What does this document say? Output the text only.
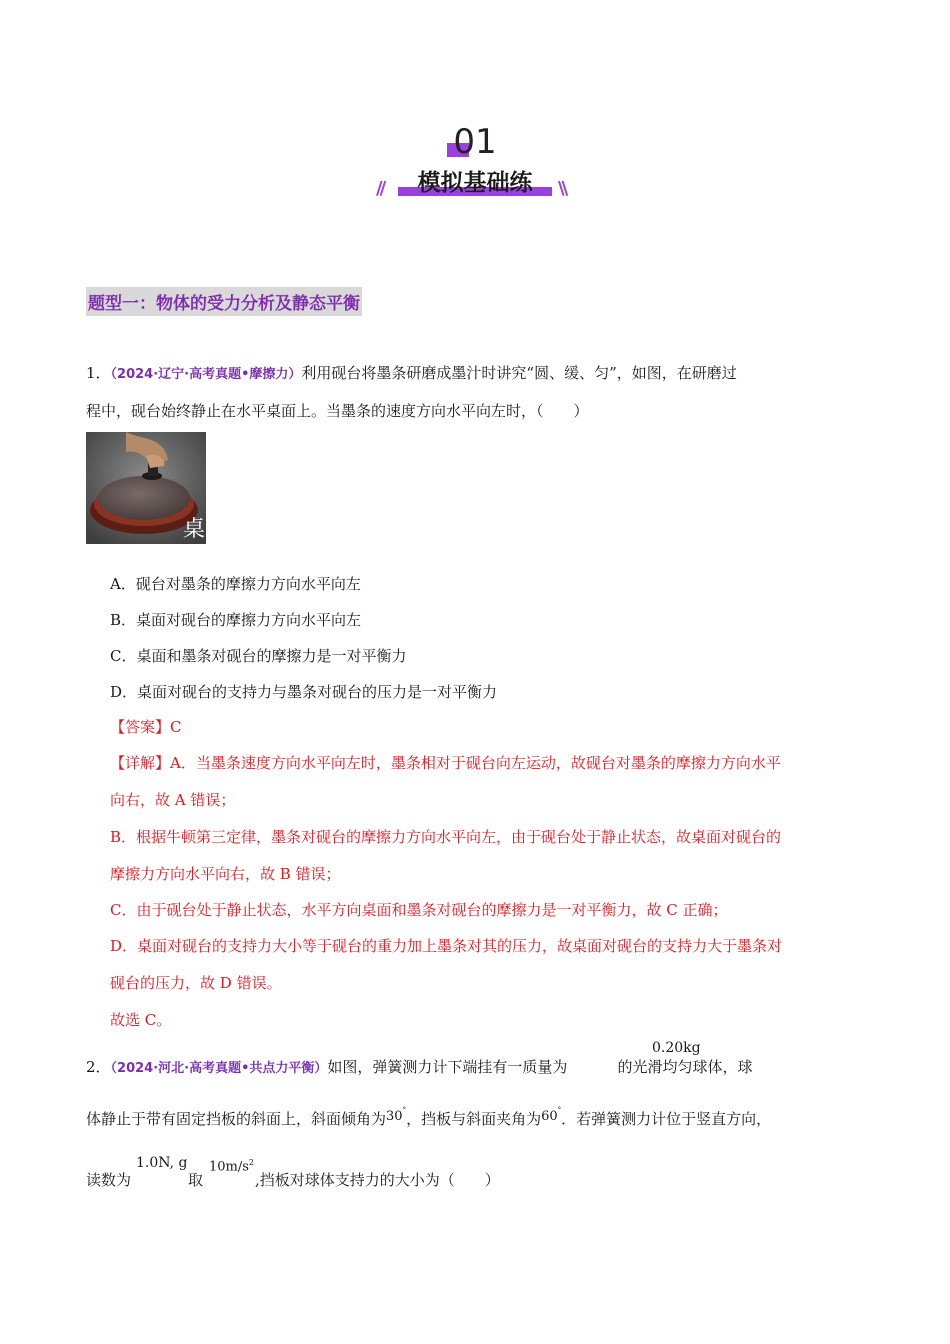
01
//	\\
模拟基础练
题型一：物体的受力分析及静态平衡
1．（2024·辽宁·高考真题•摩擦力）利用砚台将墨条研磨成墨汁时讲究“圆、缓、匀”，如图，在研磨过
程中，砚台始终静止在水平桌面上。当墨条的速度方向水平向左时，（　　）
桌
A．砚台对墨条的摩擦力方向水平向左
B．桌面对砚台的摩擦力方向水平向左
C．桌面和墨条对砚台的摩擦力是一对平衡力
D．桌面对砚台的支持力与墨条对砚台的压力是一对平衡力
【答案】C
【详解】A．当墨条速度方向水平向左时，墨条相对于砚台向左运动，故砚台对墨条的摩擦力方向水平
向右，故 A 错误；
B．根据牛顿第三定律，墨条对砚台的摩擦力方向水平向左，由于砚台处于静止状态，故桌面对砚台的
摩擦力方向水平向右，故 B 错误；
C．由于砚台处于静止状态，水平方向桌面和墨条对砚台的摩擦力是一对平衡力，故 C 正确；
D．桌面对砚台的支持力大小等于砚台的重力加上墨条对其的压力，故桌面对砚台的支持力大于墨条对
砚台的压力，故 D 错误。
故选 C。
2．（2024·河北·高考真题•共点力平衡）如图，弹簧测力计下端挂有一质量为	的光滑均匀球体，球
0.20kg
体静止于带有固定挡板的斜面上，斜面倾角为30°，挡板与斜面夹角为60°．若弹簧测力计位于竖直方向，
读数为	取	,挡板对球体支持力的大小为（　　）
1.0N, g $10m/s^2$
